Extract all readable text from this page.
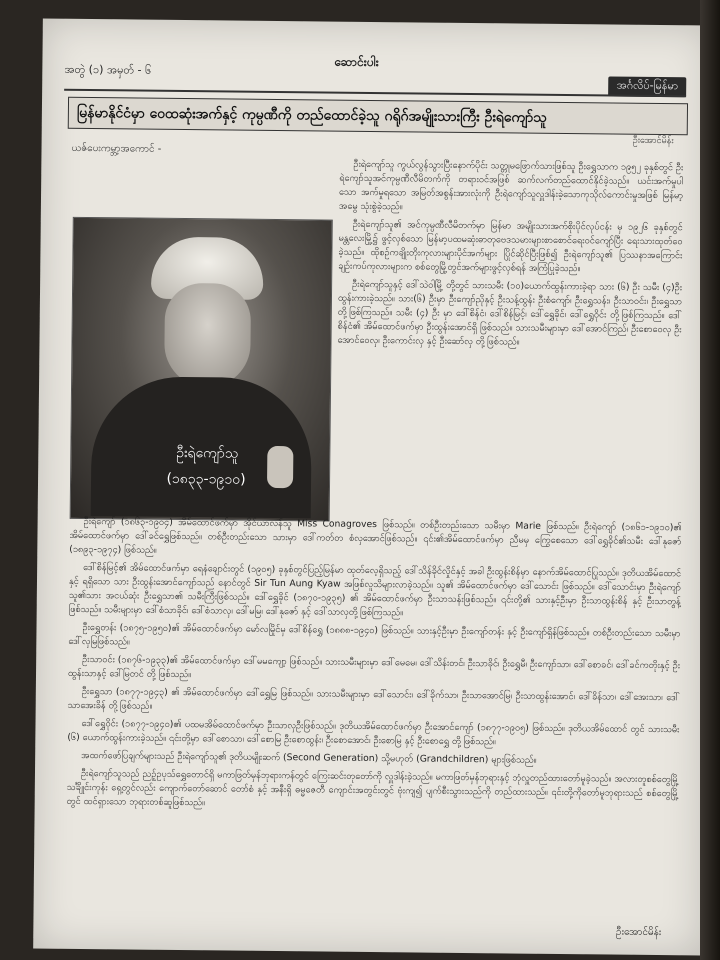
အတွဲ (၁) အမှတ် - ၆
ဆောင်းပါး
အင်္ဂလိပ်-မြန်မာ
မြန်မာနိုင်ငံမှာ ဝေထဆုံးအက်နှင့် ကုမ္ပဏီကို တည်ထောင်ခဲ့သူ ဂရိုဂ်အမျိုးသားကြီး ဦးရဲကျော်သူ
ဦးအောင်မိန်း
ယဇ်ပေးကမ္ဘာ့အကောင် -
ဦးရဲကျော်သူ
(၁၈၃၃-၁၉၁၀)

ဦးရဲကျော်သူ ကွယ်လွန်သွားပြီးနောက်ပိုင်း သတ္တုမဖြောက်သားဖြစ်သူ ဦးရွှေသာက ၁၉၅၂ ခုနှစ်တွင် ဦးရဲကျော်သူအင်ကုမ္ပဏီလီမိတက်ကို တရားဝင်အဖြစ် ဆက်လက်တည်ထောင်နိုင်ခဲ့သည်။ ယင်းအက်မှုပါသော အက်မှုရသော အမြတ်အစွန်းအားလုံးကို ဦးရဲကျော်သူလှူဒါန်းခဲ့သောကုသိုလ်ကောင်းမှုအဖြစ် မြန်မာ့အမွေ သုံးစွဲခဲ့သည်။

ဦးရဲကျော်သူ၏ အင်ကုမ္ပဏီလီမိတက်မှာ မြန်မာ အမျိုးသားအက်စိုးပိုင်လုပ်ငန်း မှ ၁၉၂၆ ခုနှစ်တွင် မန္တလေးမြို့၌ ဖွင့်လှစ်သော မြန်မာ့ပထမဆုံးဓာတုဗေဒသမားများစာစောင်ရေးဝင်ကျော်ပြီး ရေးသားထုတ်ဝေခဲ့သည်။ ထိုစဉ်ကချိုးတိုးကုလားများပိုင်အက်များ ပြိုင်ဆိုင်ပြီးဖြစ်၍ ဦးရဲကျော်သူ၏ ပြဿနာအကြောင်း ချဉ်းကပ်ကုလားများက စစ်တွေမြို့တွင်အက်များဖွင့်လှစ်ရန် အကြံပြုခဲ့သည်။

ဦးရဲကျော်သူနှင့် ဒေါ်သဲဝါမြို့ တို့တွင် သားသမီး (၁၀)ယောက်ထွန်းကားခဲ့ရာ သား (၆) ဦး သမီး (၄)ဦး ထွန်းကားခဲ့သည်။ သား(၆) ဦးမှာ ဦးကျော်ညိုနှင့် ဦးသန့်ထွန်း ဦးစံကျော်၊ ဦးရွှေသန်း၊ ဦးသာဝင်း၊ ဦးရွှေသာ တို့ဖြစ်ကြသည်။ သမီး (၄) ဦး မှာ ဒေါ်စိန်ငံ၊ ဒေါ်စိန်မြင့်၊ ဒေါ်ရွှေခိုင်၊ ဒေါ်ရွှေဝိုင်း တို့ဖြစ်ကြသည်။ ဒေါ်စိန်ငံ၏ အိမ်ထောင်ဖက်မှာ ဦးထွန်းအောင်ရှိ ဖြစ်သည်။ သားသမီးများမှာ ဒေါ်အောင်ကြည်၊ ဦးစောဝေလှ ဦးအောင်ဝေလှ၊ ဦးကောင်းလှ နှင့် ဦးဆော်လှ တို့ဖြစ်သည်။

ဦးရဲကျော် (၁၈၆၃-၁၉၀၄) အိမ်ထောင်ဖက်မှာ အိုင်ယာလန်သူ Miss Conagroves ဖြစ်သည်။ တစ်ဦးတည်းသော သမီးမှာ Marie ဖြစ်သည်။ ဦးရဲကျော် (၁၈၆၁-၁၉၁၀)၏ အိမ်ထောင်ဖက်မှာ ဒေါ်ခင်ရွှေဖြစ်သည်။ တစ်ဦးတည်းသော သားမှာ ဒေါ်ကတ်တ စံလှအောင်ဖြစ်သည်။ ၎င်း၏အိမ်ထောင်ဖက်မှာ ညီမမှ ကြွေစေသော ဒေါ်ရွှေခိုင်၏သမီး ဒေါ်နုဇော် (၁၈၉၃-၁၉၇၄) ဖြစ်သည်။

ဒေါ်စိန်မြင့်၏ အိမ်ထောင်ဖက်မှာ ရေနံချောင်းတွင် (၁၉၀၅) ခုနှစ်တွင်ပြည့်မြန်မာ ထုတ်လေ့ရှိသည့် ဒေါ်သိန်ခိုင်လှိုင်နှင့် အခါ ဦးထွန်းစိန်မှာ နောက်အိမ်ထောင်ပြုသည်။ ဒုတိယအိမ်ထောင်နှင့် ရရှိသော သား ဦးထွန်းအောင်ကျော်သည် နောင်တွင် Sir Tun Aung Kyaw အဖြစ်လူသိများလာခဲ့သည်။ သူ၏ အိမ်ထောင်ဖက်မှာ ဒေါ်သောင်း ဖြစ်သည်။ ဒေါ်သောင်းမှာ ဦးရဲကျော်သူ၏သား အငယ်ဆုံး ဦးရွှေသာ၏ သမီးကြီးဖြစ်သည်။ ဒေါ်ရွှေခိုင် (၁၈၇၀-၁၉၃၅) ၏ အိမ်ထောင်ဖက်မှာ ဦးသာသန်းဖြစ်သည်။ ၎င်းတို့၏ သားနှင့်ဦးမှာ ဦးသာထွန်းစိန် နှင့် ဦးသာတွန့်ဖြစ်သည်။ သမီးများမှာ ဒေါ်စံသာခိုင်၊ ဒေါ်စံသာလှ၊ ဒေါ်မမြ၊ ဒေါ်နုဇော် နှင့် ဒေါ်သာလှတို့ဖြစ်ကြသည်။

ဦးရွှေတန်း (၁၈၇၅-၁၉၅၀)၏ အိမ်ထောင်ဖက်မှာ မော်လမြိုင်မှ ဒေါ်စိန်ရွှေ (၁၈၈၈-၁၉၄၀) ဖြစ်သည်။ သားနှင့်ဦးမှာ ဦးကျော်တန်း နှင့် ဦးကျော်ရှိန်ဖြစ်သည်။ တစ်ဦးတည်းသော သမီးမှာ ဒေါ်လှမြဖြစ်သည်။

ဦးသာဝင်း (၁၈၇၆-၁၉၃၃)၏ အိမ်ထောင်ဖက်မှာ ဒေါ်မမကျော့ ဖြစ်သည်။ သားသမီးများမှာ ဒေါ်မေမေ၊ ဒေါ်သိန်းတင်၊ ဦးသာခိုင်၊ ဦးရွှေမီ၊ ဦးကျော်သာ၊ ဒေါ်စောခင်၊ ဒေါ်ခင်ကတိုးနှင့် ဦးထွန်းသာနှင့် ဒေါ်မြတင် တို့ ဖြစ်သည်။

ဦးရွှေသာ (၁၈၇၇-၁၉၄၃) ၏ အိမ်ထောင်ဖက်မှာ ဒေါ်ရွှေမြ ဖြစ်သည်။ သားသမီးများမှာ ဒေါ်သောင်း၊ ဒေါ်ခိုက်သာ၊ ဦးသာအောင်မြ၊ ဦးသာထွန်းအောင်၊ ဒေါ်ခိန်သာ၊ ဒေါ်အေးသာ၊ ဒေါ်သာအေးခိန် တို့ဖြစ်သည်။

ဒေါ်ရွှေဝိုင်း (၁၈၇၇-၁၉၄၀)၏ ပထမအိမ်ထောင်ဖက်မှာ ဦးသာလှဦးဖြစ်သည်။ ဒုတိယအိမ်ထောင်ဖက်မှာ ဦးအောင်ကျော် (၁၈၇၇-၁၉၀၅) ဖြစ်သည်။ ဒုတိယအိမ်ထောင် တွင် သားသမီး (၆) ယောက်ထွန်းကားခဲ့သည်။ ၎င်းတို့မှာ ဒေါ်စောသာ၊ ဒေါ်စောမြ ဦးစောထွန်း၊ ဦးစောအောင်၊ ဦးစောမြ နှင့် ဦးစောရွှေ တို့ဖြစ်သည်။

အထက်ဖော်ပြချက်များသည် ဦးရဲကျော်သူ၏ ဒုတိယမျိုးဆက် (Second Generation) သို့မဟုတ် (Grandchildren) များဖြစ်သည်။

ဦးရဲကျော်သူသည် ညဉ့်ဥပုသ်ရွှေတောင်ရှိ မကာဖြတ်မှန်ဘုရားကန်တွင် ကြေးဆင်းတုတော်ကို လှူဒါန်းခဲ့သည်။ မကာဖြတ်မှန်ဘုရားနှင့် ဘုံလှူတည်ထားတော်မူခဲ့သည်။ အလားတူစစ်တွေမြို့သင်္ချိုင်းကုန်း ရှေ့တွင်လည်း ကျောက်တော်ဆောင် တော်စံ နှင့် အနီးရှိ ဓမ္မဇေတီ ကျောင်းအတွင်းတွင် ဗုံးကျ၍ ပျက်စီးသွားသည်ကို တည်ထားသည်။ ၎င်းတို့ကိုတော်မူဘုရားသည် စစ်တွေမြို့တွင် ထင်ရှားသော ဘုရားတစ်ဆူဖြစ်သည်။

ဦးအောင်မိန်း
